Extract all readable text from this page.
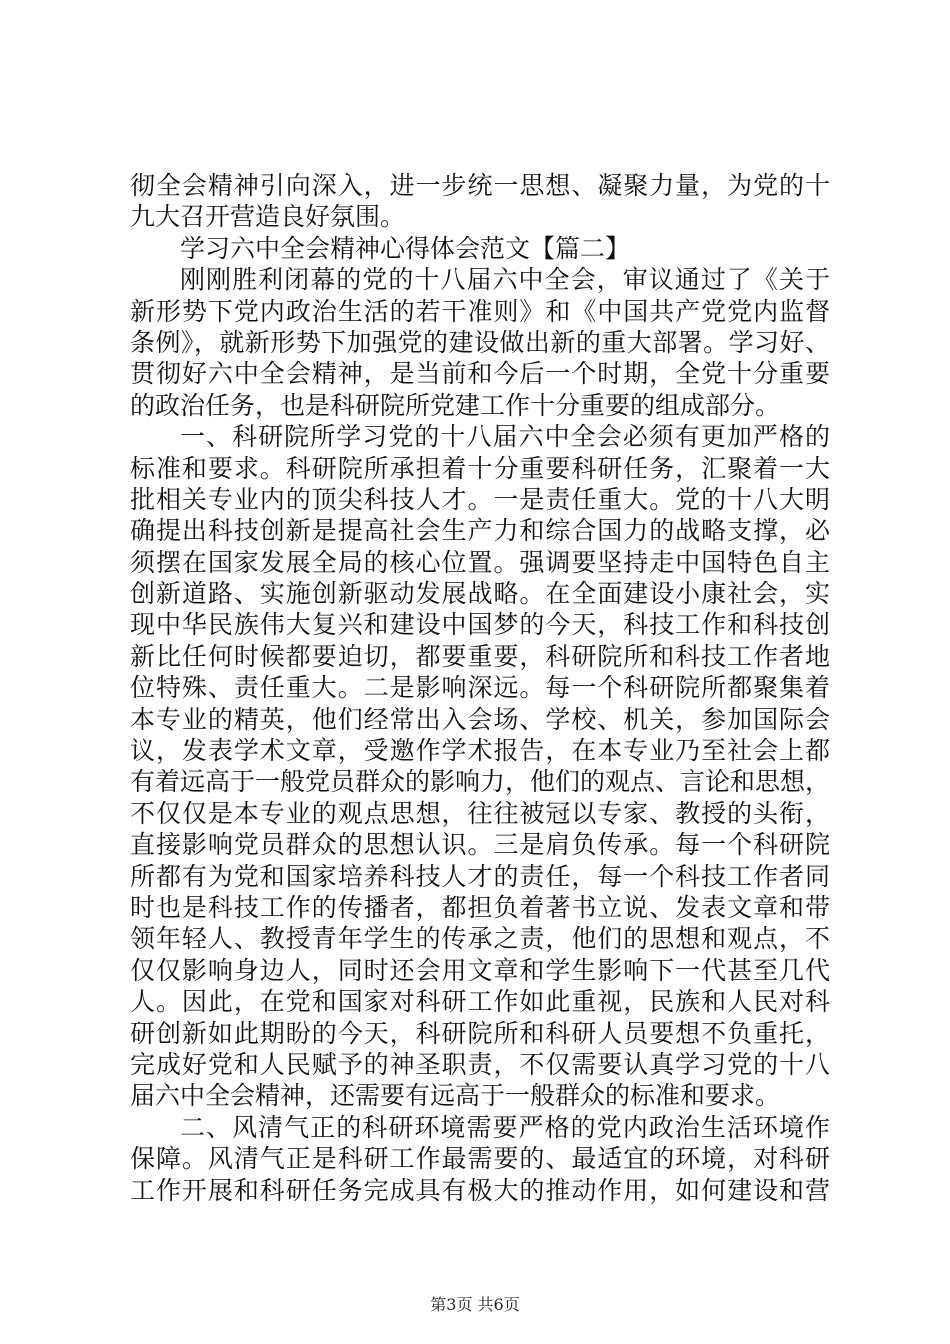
彻全会精神引向深入，进一步统一思想、凝聚力量，为党的十
九大召开营造良好氛围。
学习六中全会精神心得体会范文【篇二】
刚刚胜利闭幕的党的十八届六中全会，审议通过了《关于
新形势下党内政治生活的若干准则》和《中国共产党党内监督
条例》，就新形势下加强党的建设做出新的重大部署。学习好、
贯彻好六中全会精神，是当前和今后一个时期，全党十分重要
的政治任务，也是科研院所党建工作十分重要的组成部分。
一、科研院所学习党的十八届六中全会必须有更加严格的
标准和要求。科研院所承担着十分重要科研任务，汇聚着一大
批相关专业内的顶尖科技人才。一是责任重大。党的十八大明
确提出科技创新是提高社会生产力和综合国力的战略支撑，必
须摆在国家发展全局的核心位置。强调要坚持走中国特色自主
创新道路、实施创新驱动发展战略。在全面建设小康社会，实
现中华民族伟大复兴和建设中国梦的今天，科技工作和科技创
新比任何时候都要迫切，都要重要，科研院所和科技工作者地
位特殊、责任重大。二是影响深远。每一个科研院所都聚集着
本专业的精英，他们经常出入会场、学校、机关，参加国际会
议，发表学术文章，受邀作学术报告，在本专业乃至社会上都
有着远高于一般党员群众的影响力，他们的观点、言论和思想，
不仅仅是本专业的观点思想，往往被冠以专家、教授的头衔，
直接影响党员群众的思想认识。三是肩负传承。每一个科研院
所都有为党和国家培养科技人才的责任，每一个科技工作者同
时也是科技工作的传播者，都担负着著书立说、发表文章和带
领年轻人、教授青年学生的传承之责，他们的思想和观点，不
仅仅影响身边人，同时还会用文章和学生影响下一代甚至几代
人。因此，在党和国家对科研工作如此重视，民族和人民对科
研创新如此期盼的今天，科研院所和科研人员要想不负重托，
完成好党和人民赋予的神圣职责，不仅需要认真学习党的十八
届六中全会精神，还需要有远高于一般群众的标准和要求。
二、风清气正的科研环境需要严格的党内政治生活环境作
保障。风清气正是科研工作最需要的、最适宜的环境，对科研
工作开展和科研任务完成具有极大的推动作用，如何建设和营
第3页 共6页
